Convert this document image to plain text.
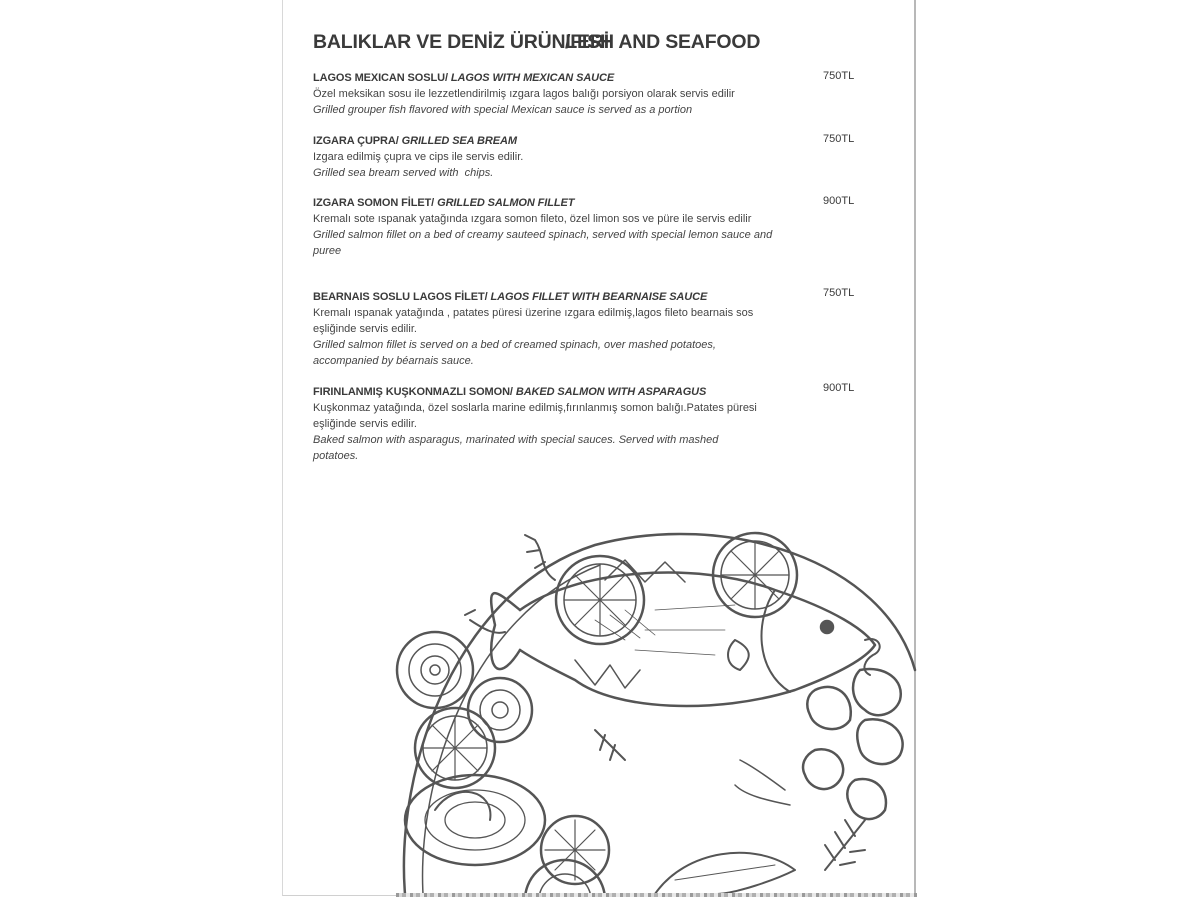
BALIKLAR VE DENİZ ÜRÜNLERİ
/FISH AND SEAFOOD
LAGOS MEXICAN SOSLU/ LAGOS WITH MEXICAN SAUCE
Özel meksikan sosu ile lezzetlendirilmiş ızgara lagos balığı porsiyon olarak servis edilir
Grilled grouper fish flavored with special Mexican sauce is served as a portion
750TL
IZGARA ÇUPRA/ GRILLED SEA BREAM
Izgara edilmiş çupra ve cips ile servis edilir.
Grilled sea bream served with  chips.
750TL
IZGARA SOMON FİLET/ GRILLED SALMON FILLET
Kremalı sote ıspanak yatağında ızgara somon fileto, özel limon sos ve püre ile servis edilir
Grilled salmon fillet on a bed of creamy sauteed spinach, served with special lemon sauce and puree
900TL
BEARNAIS SOSLU LAGOS FİLET/ LAGOS FILLET WITH BEARNAISE SAUCE
Kremalı ıspanak yatağında , patates püresi üzerine ızgara edilmiş,lagos fileto bearnais sos eşliğinde servis edilir.
Grilled salmon fillet is served on a bed of creamed spinach, over mashed potatoes, accompanied by béarnais sauce.
750TL
FIRINLANMIŞ KUŞKONMAZLI SOMON/ BAKED SALMON WITH ASPARAGUS
Kuşkonmaz yatağında, özel soslarla marine edilmiş,fırınlanmış somon balığı.Patates püresi eşliğinde servis edilir.
Baked salmon with asparagus, marinated with special sauces. Served with mashed potatoes.
900TL
